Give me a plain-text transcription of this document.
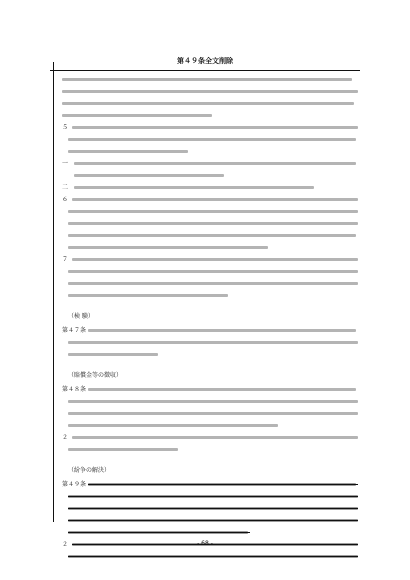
第４９条全文削除
５
一
二
６
７
（検 験）
第４７条
（賠償金等の徴収）
第４８条
２
（紛争の解決）
第４９条
２	- 68 -
